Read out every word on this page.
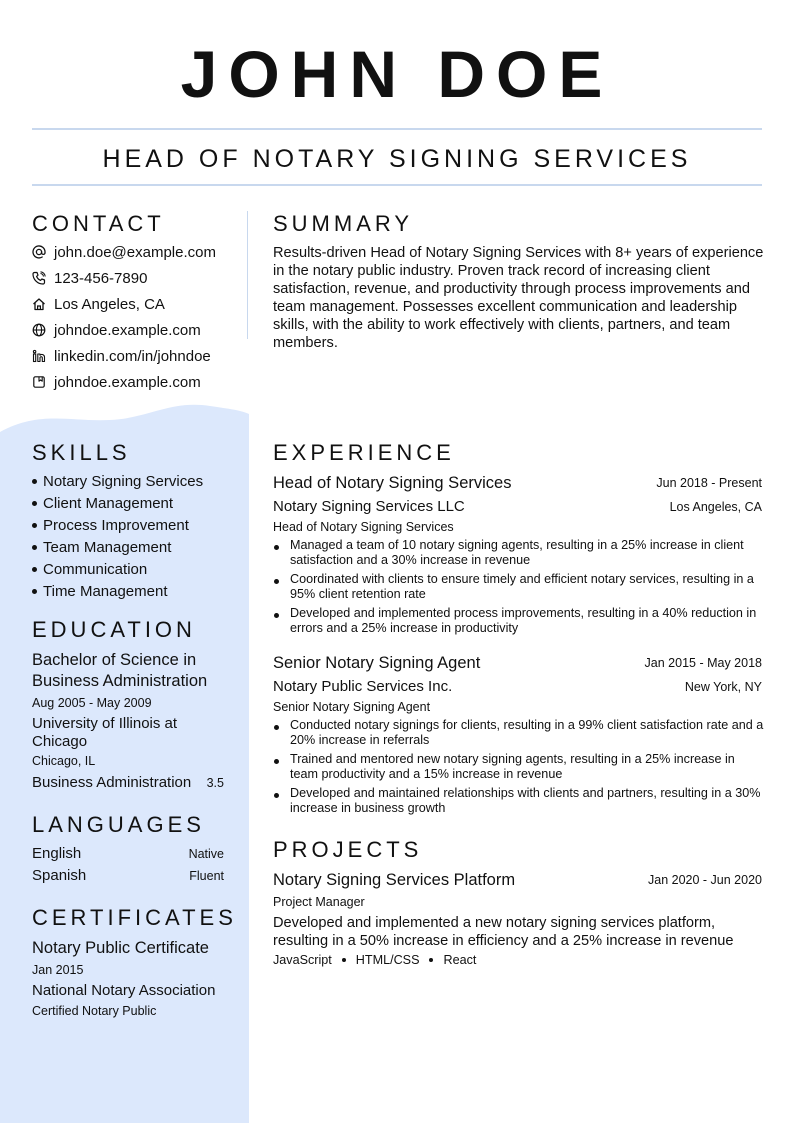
JOHN DOE
HEAD OF NOTARY SIGNING SERVICES
CONTACT
john.doe@example.com
123-456-7890
Los Angeles, CA
johndoe.example.com
linkedin.com/in/johndoe
johndoe.example.com
SKILLS
Notary Signing Services
Client Management
Process Improvement
Team Management
Communication
Time Management
EDUCATION
Bachelor of Science in
Business Administration
Aug 2005 - May 2009
University of Illinois at
Chicago
Chicago, IL
Business Administration	3.5
LANGUAGES
English	Native
Spanish	Fluent
CERTIFICATES
Notary Public Certificate
Jan 2015
National Notary Association
Certified Notary Public
SUMMARY
Results-driven Head of Notary Signing Services with 8+ years of experience in the notary public industry. Proven track record of increasing client satisfaction, revenue, and productivity through process improvements and team management. Possesses excellent communication and leadership skills, with the ability to work effectively with clients, partners, and team members.
EXPERIENCE
Head of Notary Signing Services	Jun 2018 - Present
Notary Signing Services LLC	Los Angeles, CA
Head of Notary Signing Services
Managed a team of 10 notary signing agents, resulting in a 25% increase in client satisfaction and a 30% increase in revenue
Coordinated with clients to ensure timely and efficient notary services, resulting in a 95% client retention rate
Developed and implemented process improvements, resulting in a 40% reduction in errors and a 25% increase in productivity
Senior Notary Signing Agent	Jan 2015 - May 2018
Notary Public Services Inc.	New York, NY
Senior Notary Signing Agent
Conducted notary signings for clients, resulting in a 99% client satisfaction rate and a 20% increase in referrals
Trained and mentored new notary signing agents, resulting in a 25% increase in team productivity and a 15% increase in revenue
Developed and maintained relationships with clients and partners, resulting in a 30% increase in business growth
PROJECTS
Notary Signing Services Platform	Jan 2020 - Jun 2020
Project Manager
Developed and implemented a new notary signing services platform, resulting in a 50% increase in efficiency and a 25% increase in revenue
JavaScript HTML/CSS React
